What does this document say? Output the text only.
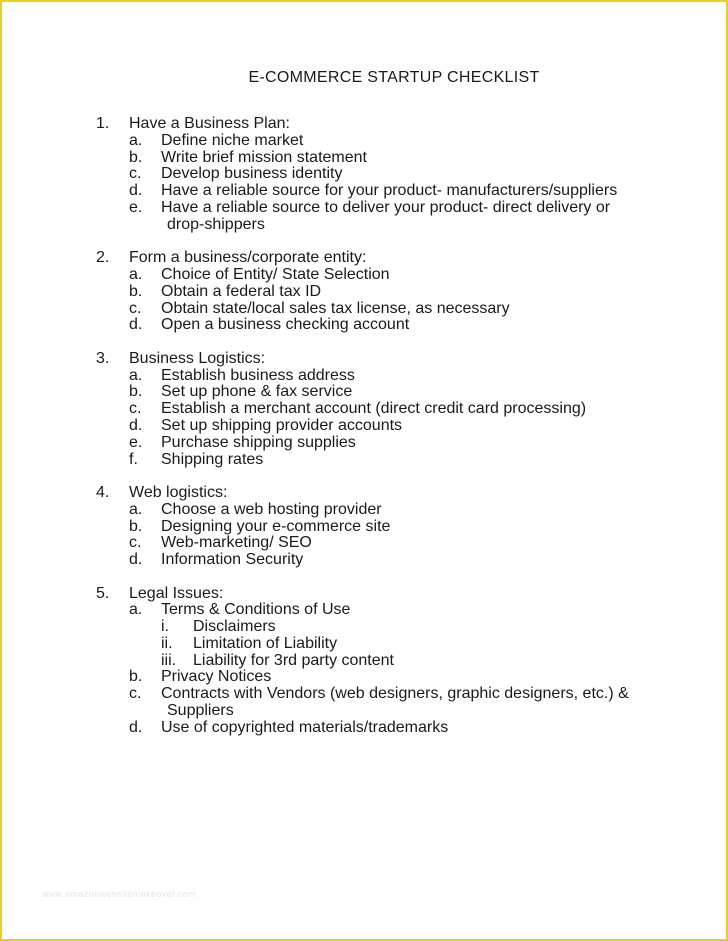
E-COMMERCE STARTUP CHECKLIST
1.	Have a Business Plan:
a.	Define niche market
b.	Write brief mission statement
c.	Develop business identity
d.	Have a reliable source for your product- manufacturers/suppliers
e.	Have a reliable source to deliver your product- direct delivery or
drop-shippers
2.	Form a business/corporate entity:
a.	Choice of Entity/ State Selection
b.	Obtain a federal tax ID
c.	Obtain state/local sales tax license, as necessary
d.	Open a business checking account
3.	Business Logistics:
a.	Establish business address
b.	Set up phone & fax service
c.	Establish a merchant account (direct credit card processing)
d.	Set up shipping provider accounts
e.	Purchase shipping supplies
f.	Shipping rates
4.	Web logistics:
a.	Choose a web hosting provider
b.	Designing your e-commerce site
c.	Web-marketing/ SEO
d.	Information Security
5.	Legal Issues:
a.	Terms & Conditions of Use
i.	Disclaimers
ii.	Limitation of Liability
iii.	Liability for 3rd party content
b.	Privacy Notices
c.	Contracts with Vendors (web designers, graphic designers, etc.) &
Suppliers
d.	Use of copyrighted materials/trademarks
www.amazonwebsitemakeover.com
